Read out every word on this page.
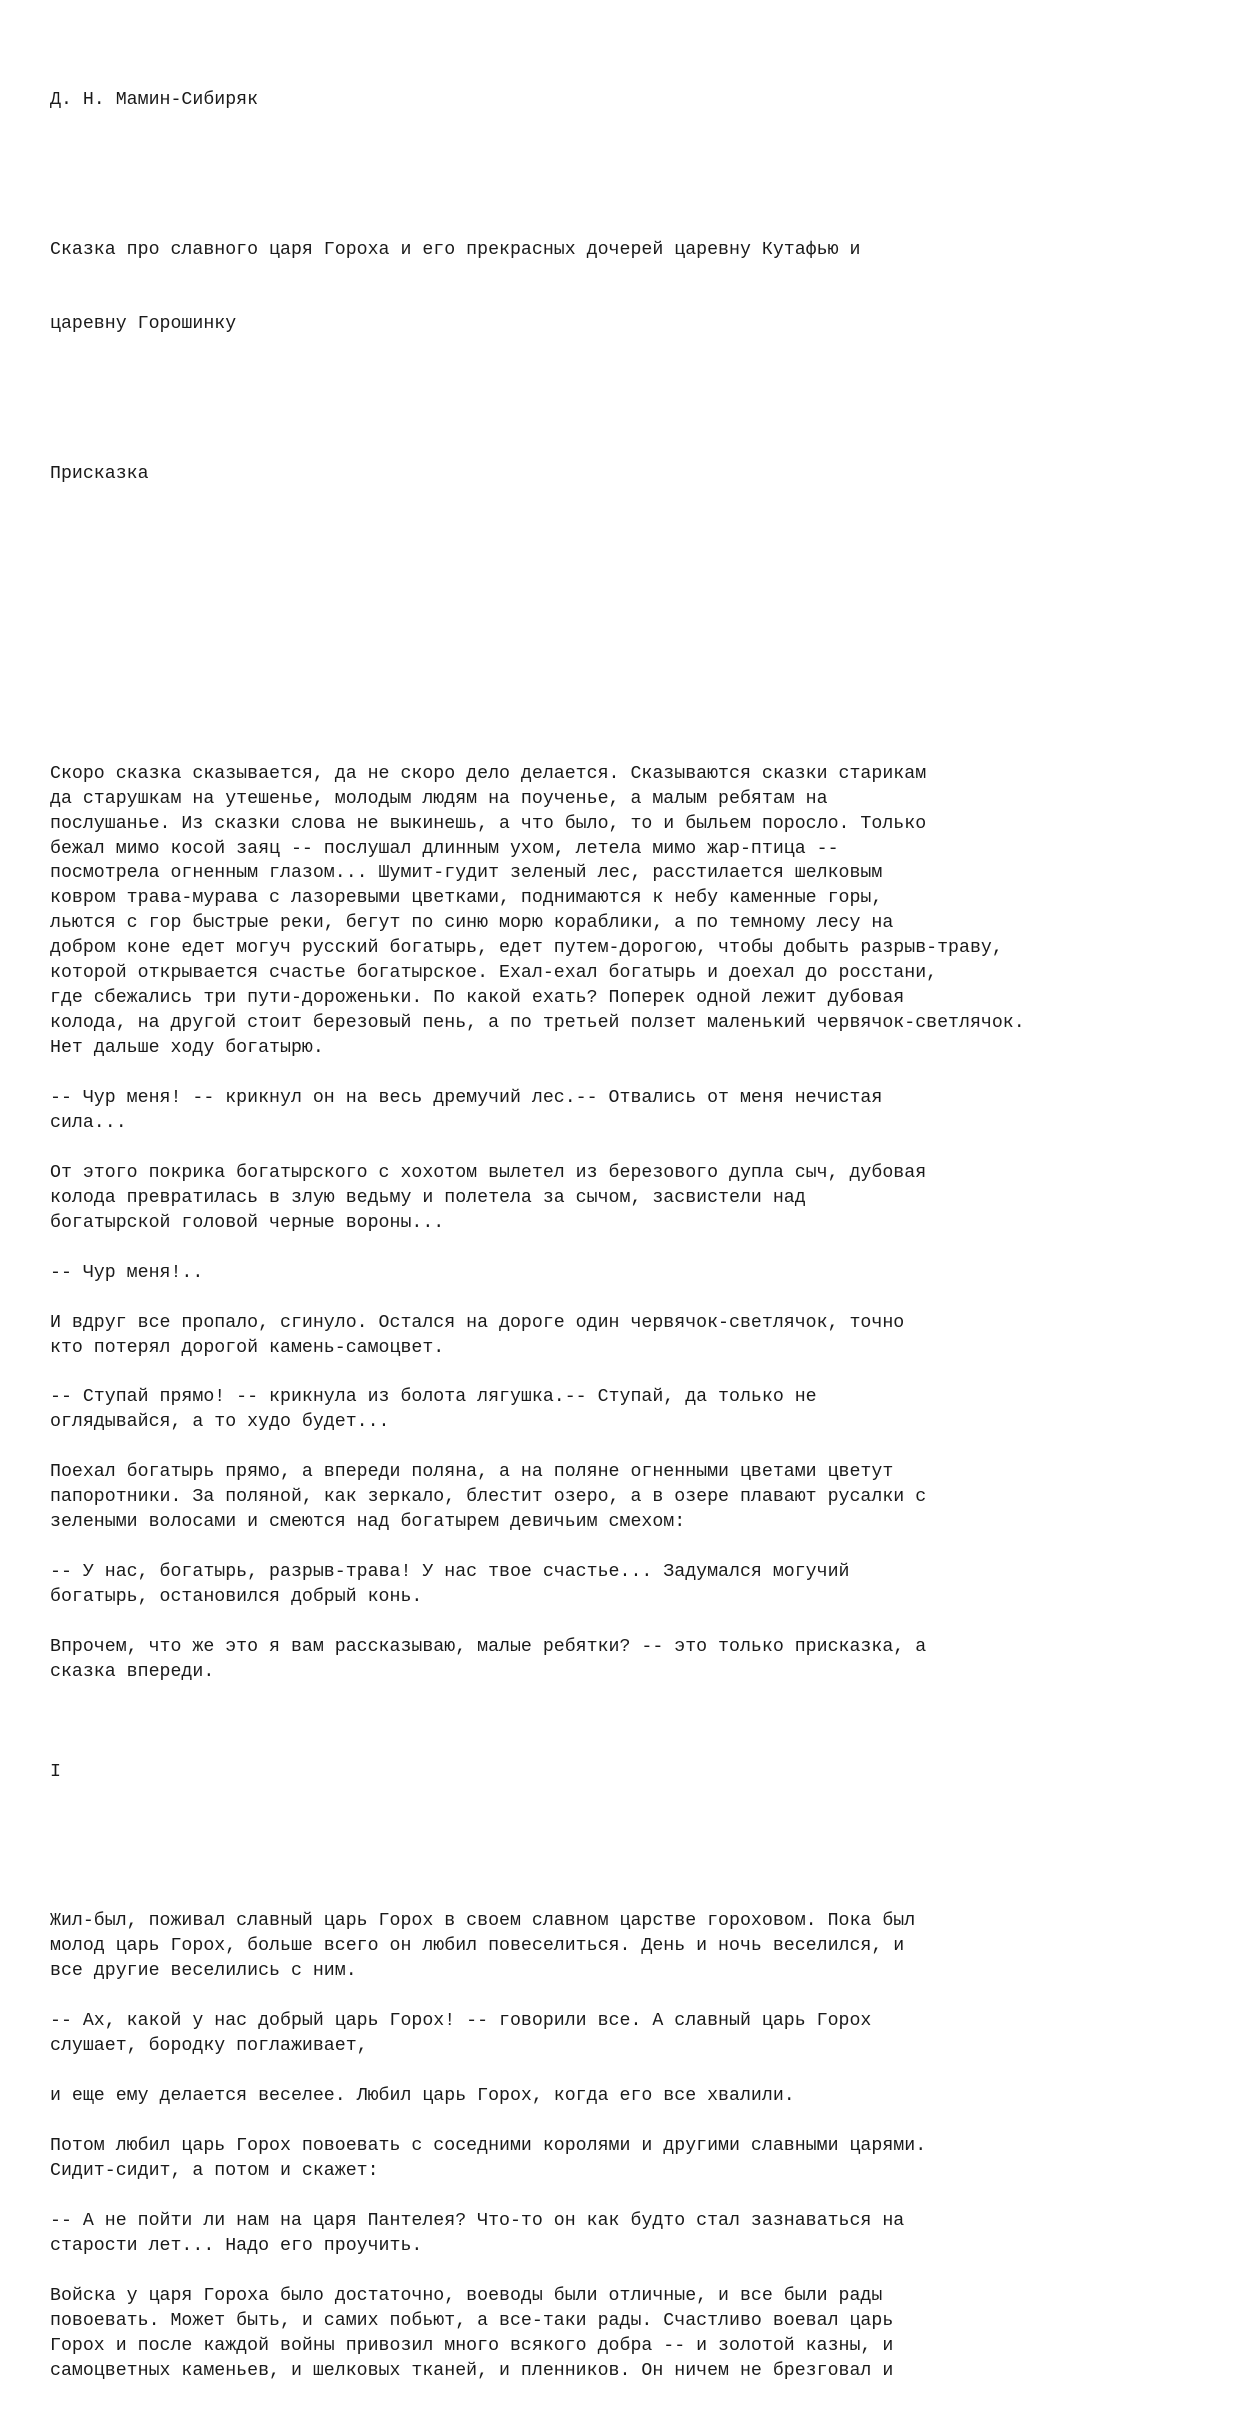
Д. Н. Мамин-Сибиряк

Сказка про славного царя Гороха и его прекрасных дочерей царевну Кутафью и

царевну Горошинку

Присказка

Скоро сказка сказывается, да не скоро дело делается. Сказываются сказки старикам
да старушкам на утешенье, молодым людям на поученье, а малым ребятам на
послушанье. Из сказки слова не выкинешь, а что было, то и быльем поросло. Только
бежал мимо косой заяц -- послушал длинным ухом, летела мимо жар-птица --
посмотрела огненным глазом... Шумит-гудит зеленый лес, расстилается шелковым
ковром трава-мурава с лазоревыми цветками, поднимаются к небу каменные горы,
льются с гор быстрые реки, бегут по синю морю кораблики, а по темному лесу на
добром коне едет могуч русский богатырь, едет путем-дорогою, чтобы добыть разрыв-траву,
которой открывается счастье богатырское. Ехал-ехал богатырь и доехал до росстани,
где сбежались три пути-дороженьки. По какой ехать? Поперек одной лежит дубовая
колода, на другой стоит березовый пень, а по третьей ползет маленький червячок-светлячок.
Нет дальше ходу богатырю.
-- Чур меня! -- крикнул он на весь дремучий лес.-- Отвались от меня нечистая
сила...
От этого покрика богатырского с хохотом вылетел из березового дупла сыч, дубовая
колода превратилась в злую ведьму и полетела за сычом, засвистели над
богатырской головой черные вороны...
-- Чур меня!..
И вдруг все пропало, сгинуло. Остался на дороге один червячок-светлячок, точно
кто потерял дорогой камень-самоцвет.
-- Ступай прямо! -- крикнула из болота лягушка.-- Ступай, да только не
оглядывайся, а то худо будет...
Поехал богатырь прямо, а впереди поляна, а на поляне огненными цветами цветут
папоротники. За поляной, как зеркало, блестит озеро, а в озере плавают русалки с
зелеными волосами и смеются над богатырем девичьим смехом:
-- У нас, богатырь, разрыв-трава! У нас твое счастье... Задумался могучий
богатырь, остановился добрый конь.
Впрочем, что же это я вам рассказываю, малые ребятки? -- это только присказка, а
сказка впереди.

I

Жил-был, поживал славный царь Горох в своем славном царстве гороховом. Пока был
молод царь Горох, больше всего он любил повеселиться. День и ночь веселился, и
все другие веселились с ним.
-- Ах, какой у нас добрый царь Горох! -- говорили все. А славный царь Горох
слушает, бородку поглаживает,
и еще ему делается веселее. Любил царь Горох, когда его все хвалили.
Потом любил царь Горох повоевать с соседними королями и другими славными царями.
Сидит-сидит, а потом и скажет:
-- А не пойти ли нам на царя Пантелея? Что-то он как будто стал зазнаваться на
старости лет... Надо его проучить.
Войска у царя Гороха было достаточно, воеводы были отличные, и все были рады
повоевать. Может быть, и самих побьют, а все-таки рады. Счастливо воевал царь
Горох и после каждой войны привозил много всякого добра -- и золотой казны, и
самоцветных каменьев, и шелковых тканей, и пленников. Он ничем не брезговал и
